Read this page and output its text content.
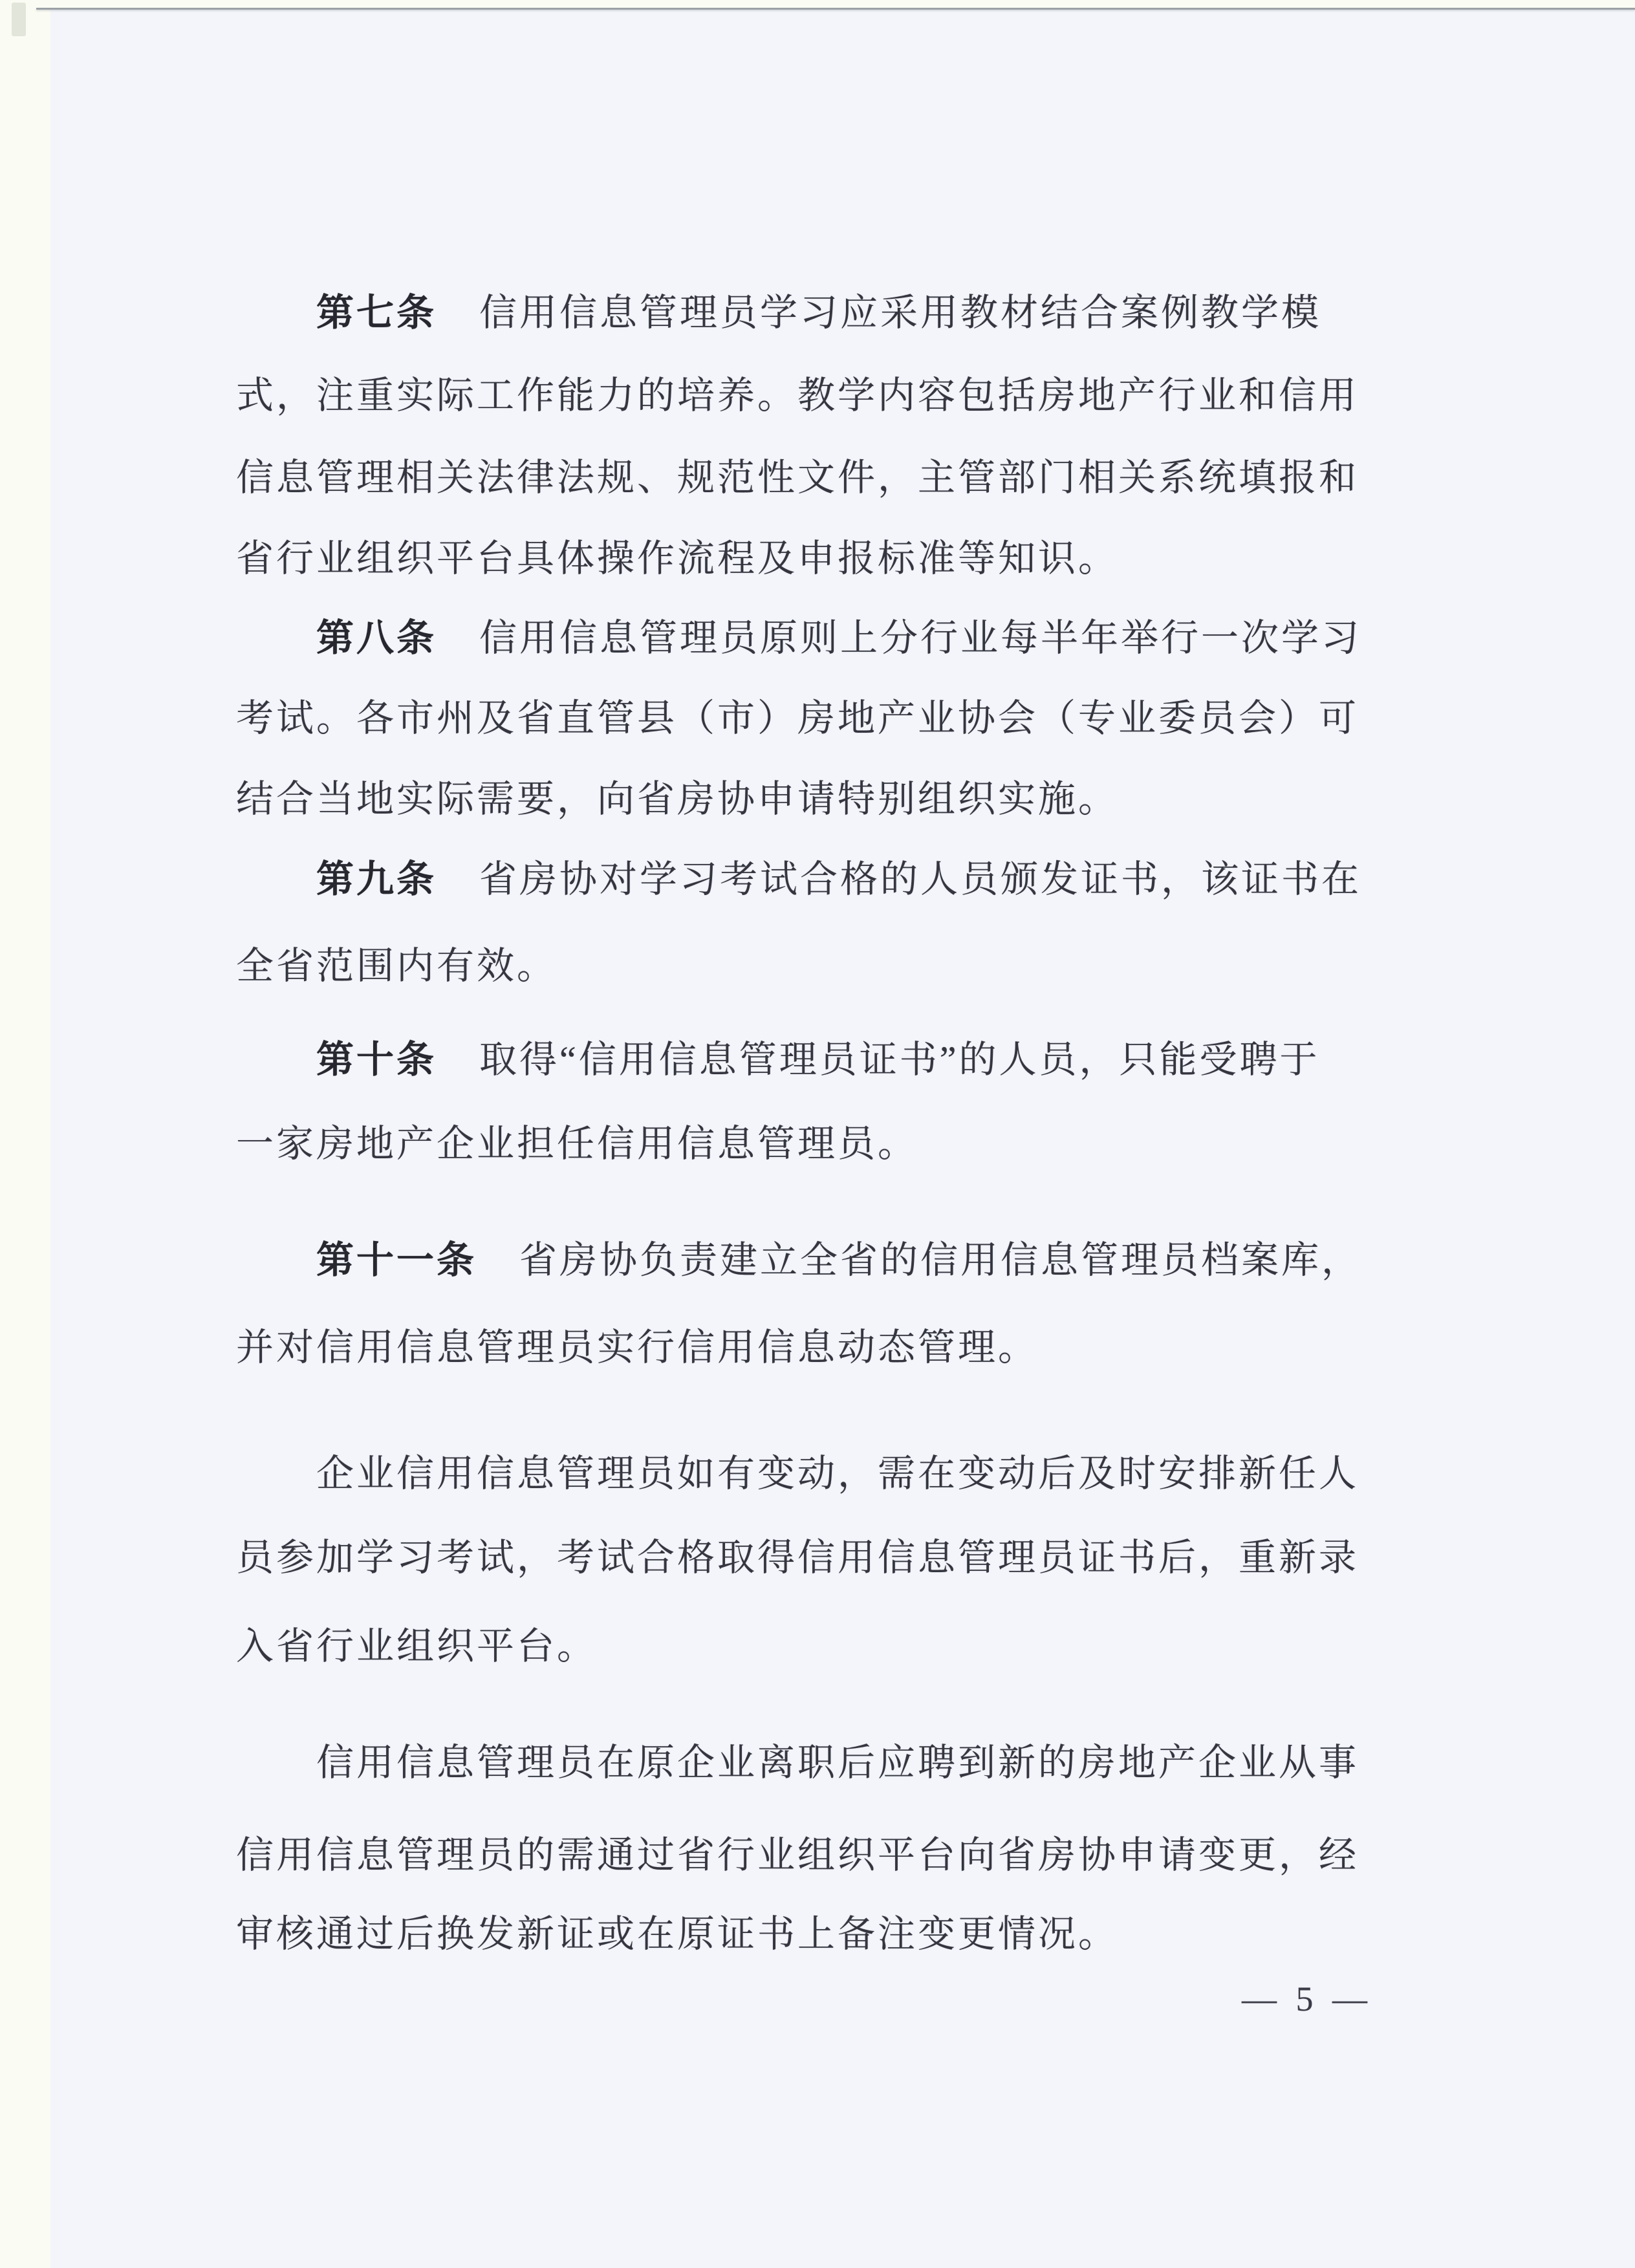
— 5 —
第七条 信用信息管理员学习应采用教材结合案例教学模
式，注重实际工作能力的培养。教学内容包括房地产行业和信用
信息管理相关法律法规、规范性文件，主管部门相关系统填报和
省行业组织平台具体操作流程及申报标准等知识。
第八条 信用信息管理员原则上分行业每半年举行一次学习
考试。各市州及省直管县（市）房地产业协会（专业委员会）可
结合当地实际需要，向省房协申请特别组织实施。
第九条 省房协对学习考试合格的人员颁发证书，该证书在
全省范围内有效。
第十条 取得“信用信息管理员证书”的人员，只能受聘于
一家房地产企业担任信用信息管理员。
第十一条 省房协负责建立全省的信用信息管理员档案库，
并对信用信息管理员实行信用信息动态管理。
企业信用信息管理员如有变动，需在变动后及时安排新任人
员参加学习考试，考试合格取得信用信息管理员证书后，重新录
入省行业组织平台。
信用信息管理员在原企业离职后应聘到新的房地产企业从事
信用信息管理员的需通过省行业组织平台向省房协申请变更，经
审核通过后换发新证或在原证书上备注变更情况。
